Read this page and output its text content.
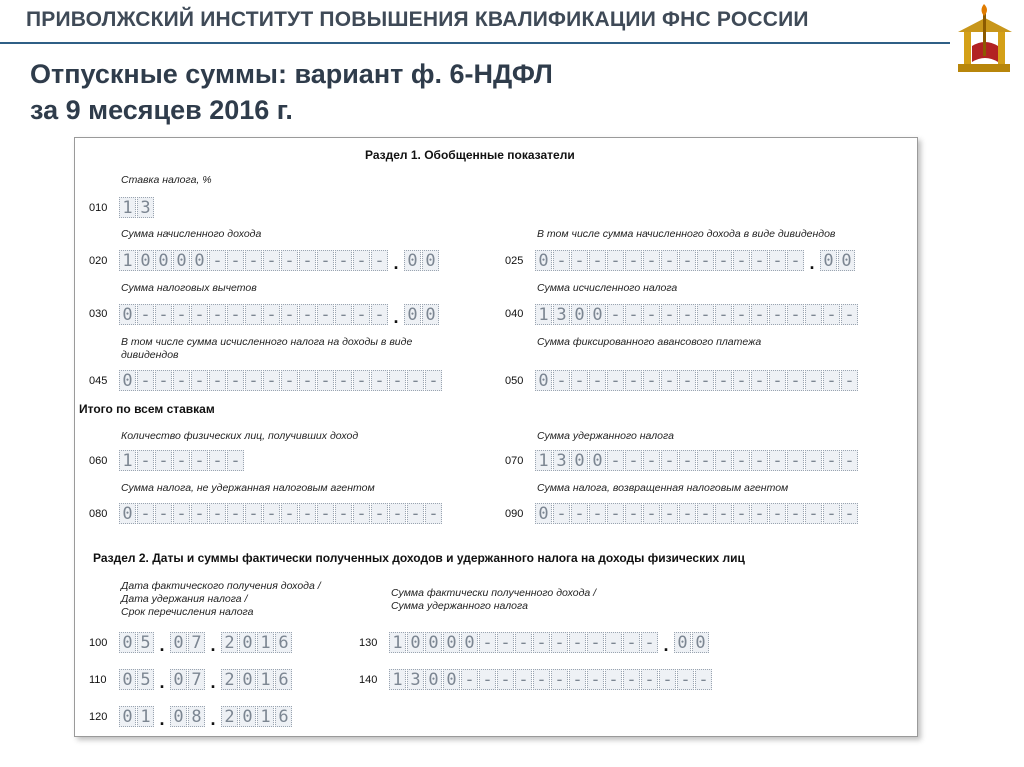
ПРИВОЛЖСКИЙ ИНСТИТУТ ПОВЫШЕНИЯ КВАЛИФИКАЦИИ ФНС РОССИИ
Отпускные суммы: вариант ф. 6-НДФЛ
за 9 месяцев 2016 г.
Раздел 1. Обобщенные показатели
Ставка налога, %
010 1 3
Сумма начисленного дохода
020 1 0 0 0 0 - - - - - - - - - - . 0 0
В том числе сумма начисленного дохода в виде дивидендов
025 0 - - - - - - - - - - - - - - . 0 0
Сумма налоговых вычетов
030 0 - - - - - - - - - - - - - - . 0 0
Сумма исчисленного налога
040 1 3 0 0 - - - - - - - - - - - - - -
В том числе сумма исчисленного налога на доходы в виде дивидендов
045 0 - - - - - - - - - - - - - - - - -
Сумма фиксированного авансового платежа
050 0 - - - - - - - - - - - - - - - - -
Итого по всем ставкам
Количество физических лиц, получивших доход
060 1 - - - - - -
Сумма удержанного налога
070 1 3 0 0 - - - - - - - - - - - - - -
Сумма налога, не удержанная налоговым агентом
080 0 - - - - - - - - - - - - - - - - -
Сумма налога, возвращенная налоговым агентом
090 0 - - - - - - - - - - - - - - - - -
Раздел 2. Даты и суммы фактически полученных доходов и удержанного налога на доходы физических лиц
Дата фактического получения дохода /
Дата удержания налога /
Срок перечисления налога
Сумма фактически полученного дохода /
Сумма удержанного налога
100 0 5 . 0 7 . 2 0 1 6
110 0 5 . 0 7 . 2 0 1 6
120 0 1 . 0 8 . 2 0 1 6
130 1 0 0 0 0 - - - - - - - - - - . 0 0
140 1 3 0 0 - - - - - - - - - - - - - -
